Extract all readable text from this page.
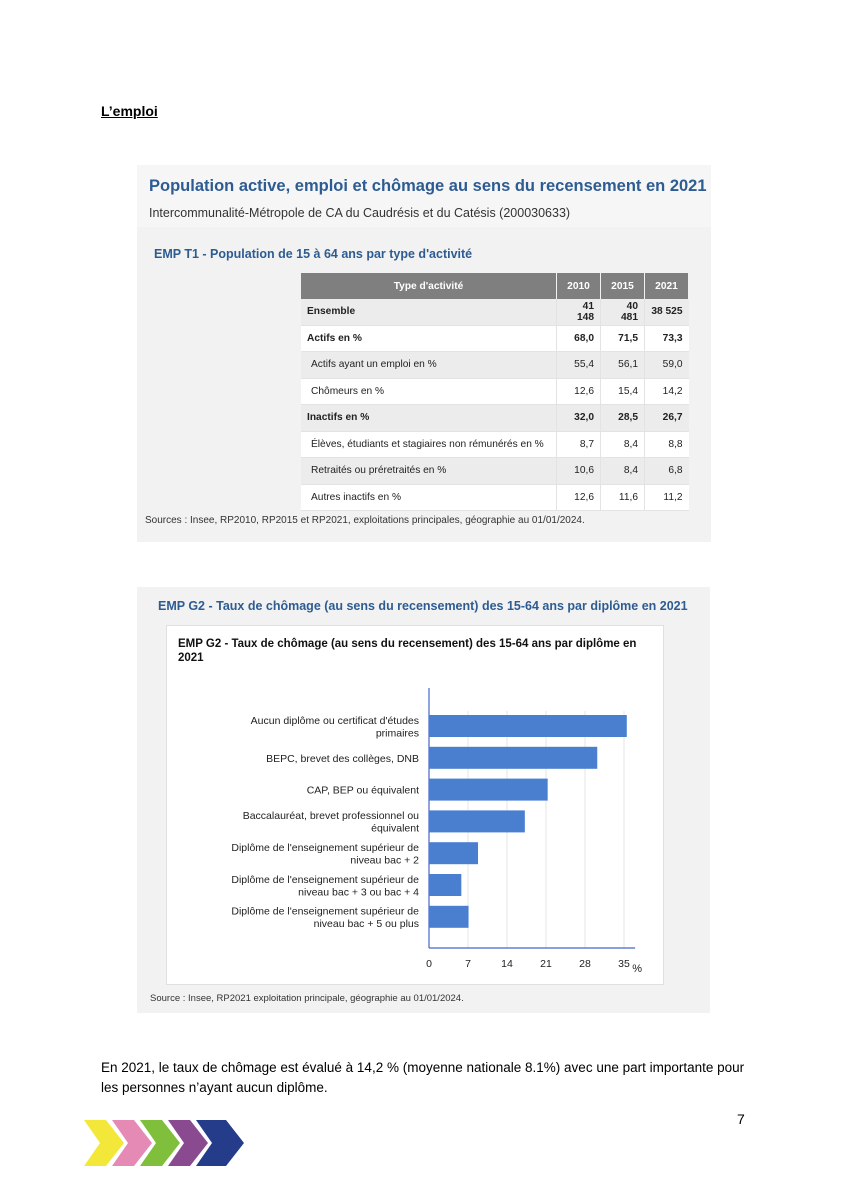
L’emploi
Population active, emploi et chômage au sens du recensement en 2021
Intercommunalité-Métropole de CA du Caudrésis et du Catésis (200030633)
EMP T1 - Population de 15 à 64 ans par type d'activité
Type d'activité	2010	2015	2021
Ensemble	41 148	40 481	38 525
Actifs en %	68,0	71,5	73,3
Actifs ayant un emploi en %	55,4	56,1	59,0
Chômeurs en %	12,6	15,4	14,2
Inactifs en %	32,0	28,5	26,7
Élèves, étudiants et stagiaires non rémunérés en %	8,7	8,4	8,8
Retraités ou préretraités en %	10,6	8,4	6,8
Autres inactifs en %	12,6	11,6	11,2
Sources : Insee, RP2010, RP2015 et RP2021, exploitations principales, géographie au 01/01/2024.
EMP G2 - Taux de chômage (au sens du recensement) des 15-64 ans par diplôme en 2021
EMP G2 - Taux de chômage (au sens du recensement) des 15-64 ans par diplôme en 2021
Aucun diplôme ou certificat d'études
primaires
BEPC, brevet des collèges, DNB
CAP, BEP ou équivalent
Baccalauréat, brevet professionnel ou
équivalent
Diplôme de l'enseignement supérieur de
niveau bac + 2
Diplôme de l'enseignement supérieur de
niveau bac + 3 ou bac + 4
Diplôme de l'enseignement supérieur de
niveau bac + 5 ou plus
0	7	14	21	28	35 %
Source : Insee, RP2021 exploitation principale, géographie au 01/01/2024.
En 2021, le taux de chômage est évalué à 14,2 % (moyenne nationale 8.1%) avec une part importante pour les personnes n’ayant aucun diplôme.
7
